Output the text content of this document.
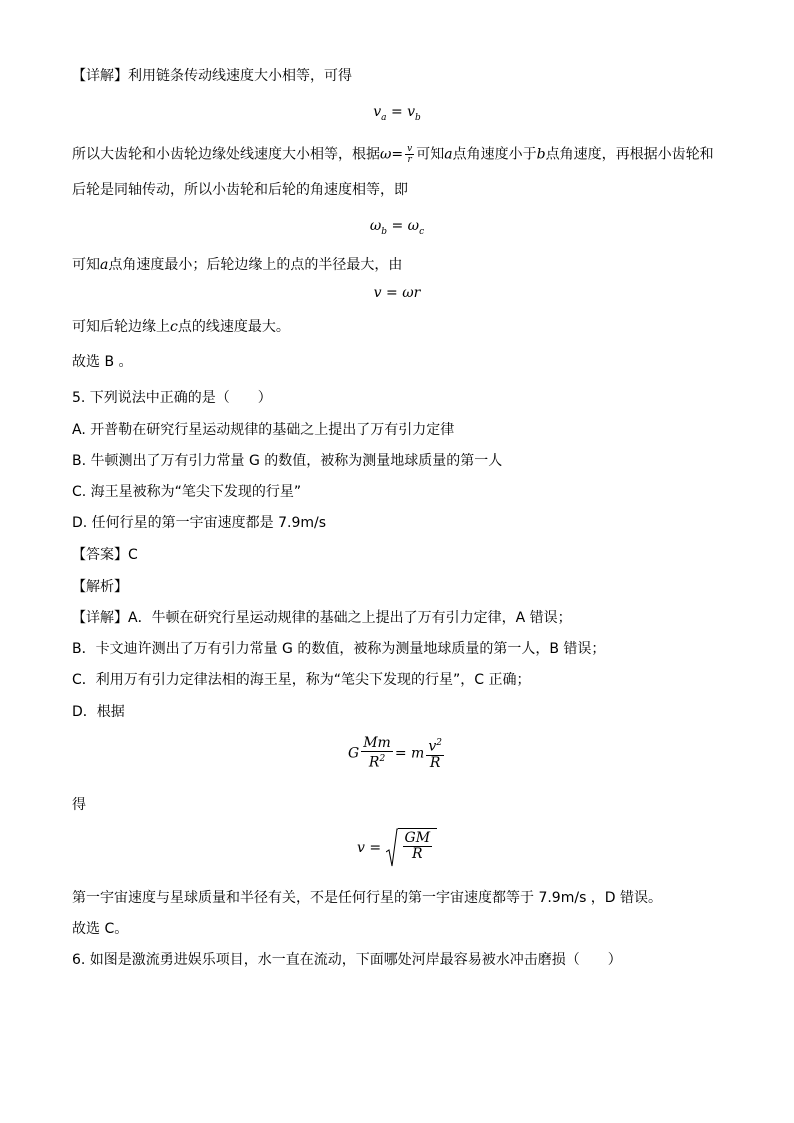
【详解】利用链条传动线速度大小相等，可得
$v_a = v_b$
所以大齿轮和小齿轮边缘处线速度大小相等，根据$\omega= \frac{v}{r}$ 可知a点角速度小于b点角速度，再根据小齿轮和
后轮是同轴传动，所以小齿轮和后轮的角速度相等，即
$\omega_b = \omega_c$
可知a点角速度最小；后轮边缘上的点的半径最大，由
v = ωr
可知后轮边缘上c点的线速度最大。
故选 B 。
5. 下列说法中正确的是（　　）
A. 开普勒在研究行星运动规律的基础之上提出了万有引力定律
B. 牛顿测出了万有引力常量 G 的数值，被称为测量地球质量的第一人
C. 海王星被称为“笔尖下发现的行星”
D. 任何行星的第一宇宙速度都是 7.9m/s
【答案】C
【解析】
【详解】A．牛顿在研究行星运动规律的基础之上提出了万有引力定律，A 错误；
B．卡文迪许测出了万有引力常量 G 的数值，被称为测量地球质量的第一人，B 错误；
C．利用万有引力定律法相的海王星，称为“笔尖下发现的行星”，C 正确；
D．根据
G $\frac{Mm}{R^2} = m \frac{v^2}{R}$
得
$v = \frac{GM}{R}$
第一宇宙速度与星球质量和半径有关，不是任何行星的第一宇宙速度都等于 7.9m/s ，D 错误。
故选 C。
6. 如图是激流勇进娱乐项目，水一直在流动，下面哪处河岸最容易被水冲击磨损（　　）
